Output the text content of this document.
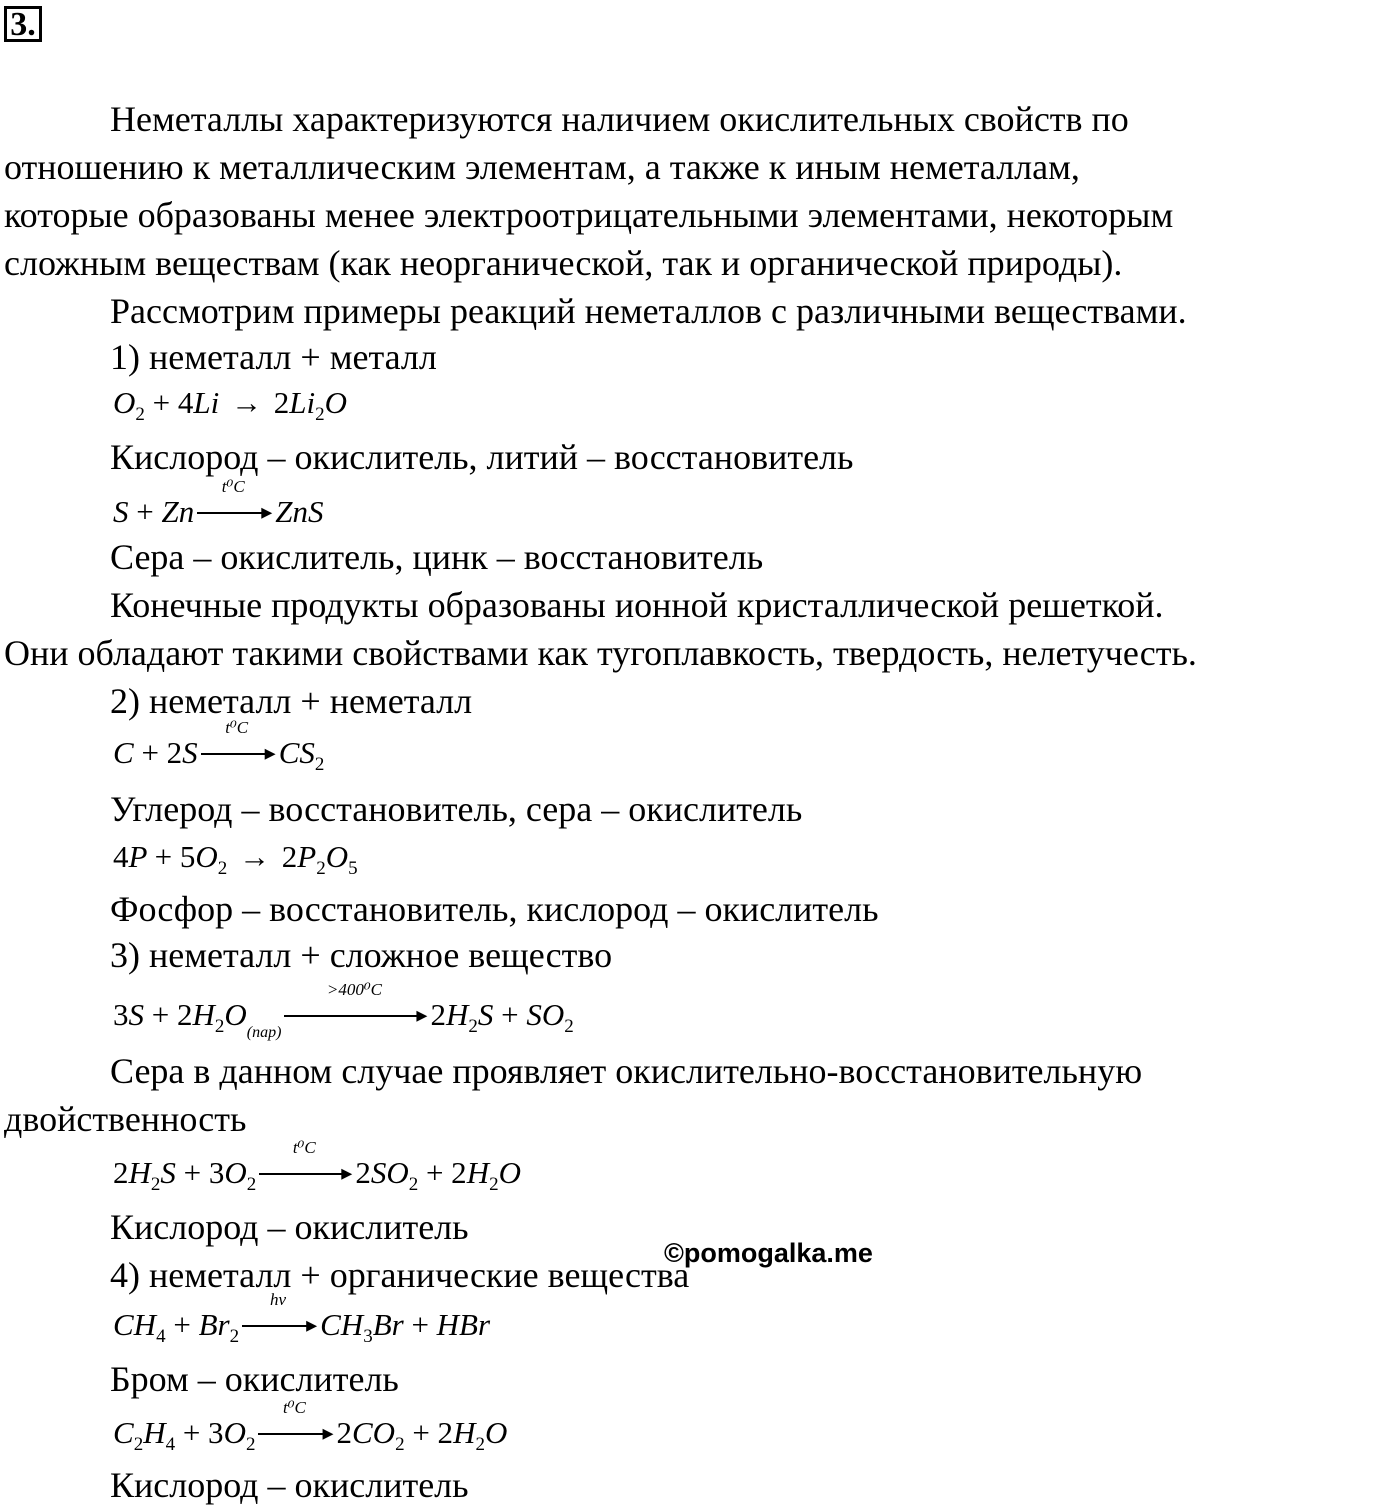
3.
Неметаллы характеризуются наличием окислительных свойств по
отношению к металлическим элементам, а также к иным неметаллам,
которые образованы менее электроотрицательными элементами, некоторым
сложным веществам (как неорганической, так и органической природы).
Рассмотрим примеры реакций неметаллов с различными веществами.
1) неметалл + металл
$O_2 + 4Li \to 2Li_2O$
Кислород – окислитель, литий – восстановитель
S + Zn
t⁰C
▸ZnS
Сера – окислитель, цинк – восстановитель
Конечные продукты образованы ионной кристаллической решеткой.
Они обладают такими свойствами как тугоплавкость, твердость, нелетучесть.
2) неметалл + неметалл
C + 2S
t⁰C
$▸CS_2$
Углерод – восстановитель, сера – окислитель
$4P + 5O_2 \to 2P_2O_5$
Фосфор – восстановитель, кислород – окислитель
3) неметалл + сложное вещество
$3S + 2H_2O_{(пар)}$
>400⁰C
$▸2H_2S + SO_2$
Сера в данном случае проявляет окислительно-восстановительную
двойственность
$2H_2S + 3O_2$
t⁰C
$▸2SO_2 + 2H_2O$
Кислород – окислитель
4) неметалл + органические вещества
$CH_4 + Br_2$
hv
$▸CH_3Br$ + HBr
Бром – окислитель
$C_2H_4 + 3O_2$
t⁰C
$▸2CO_2 + 2H_2O$
Кислород – окислитель
©pomogalka.me
